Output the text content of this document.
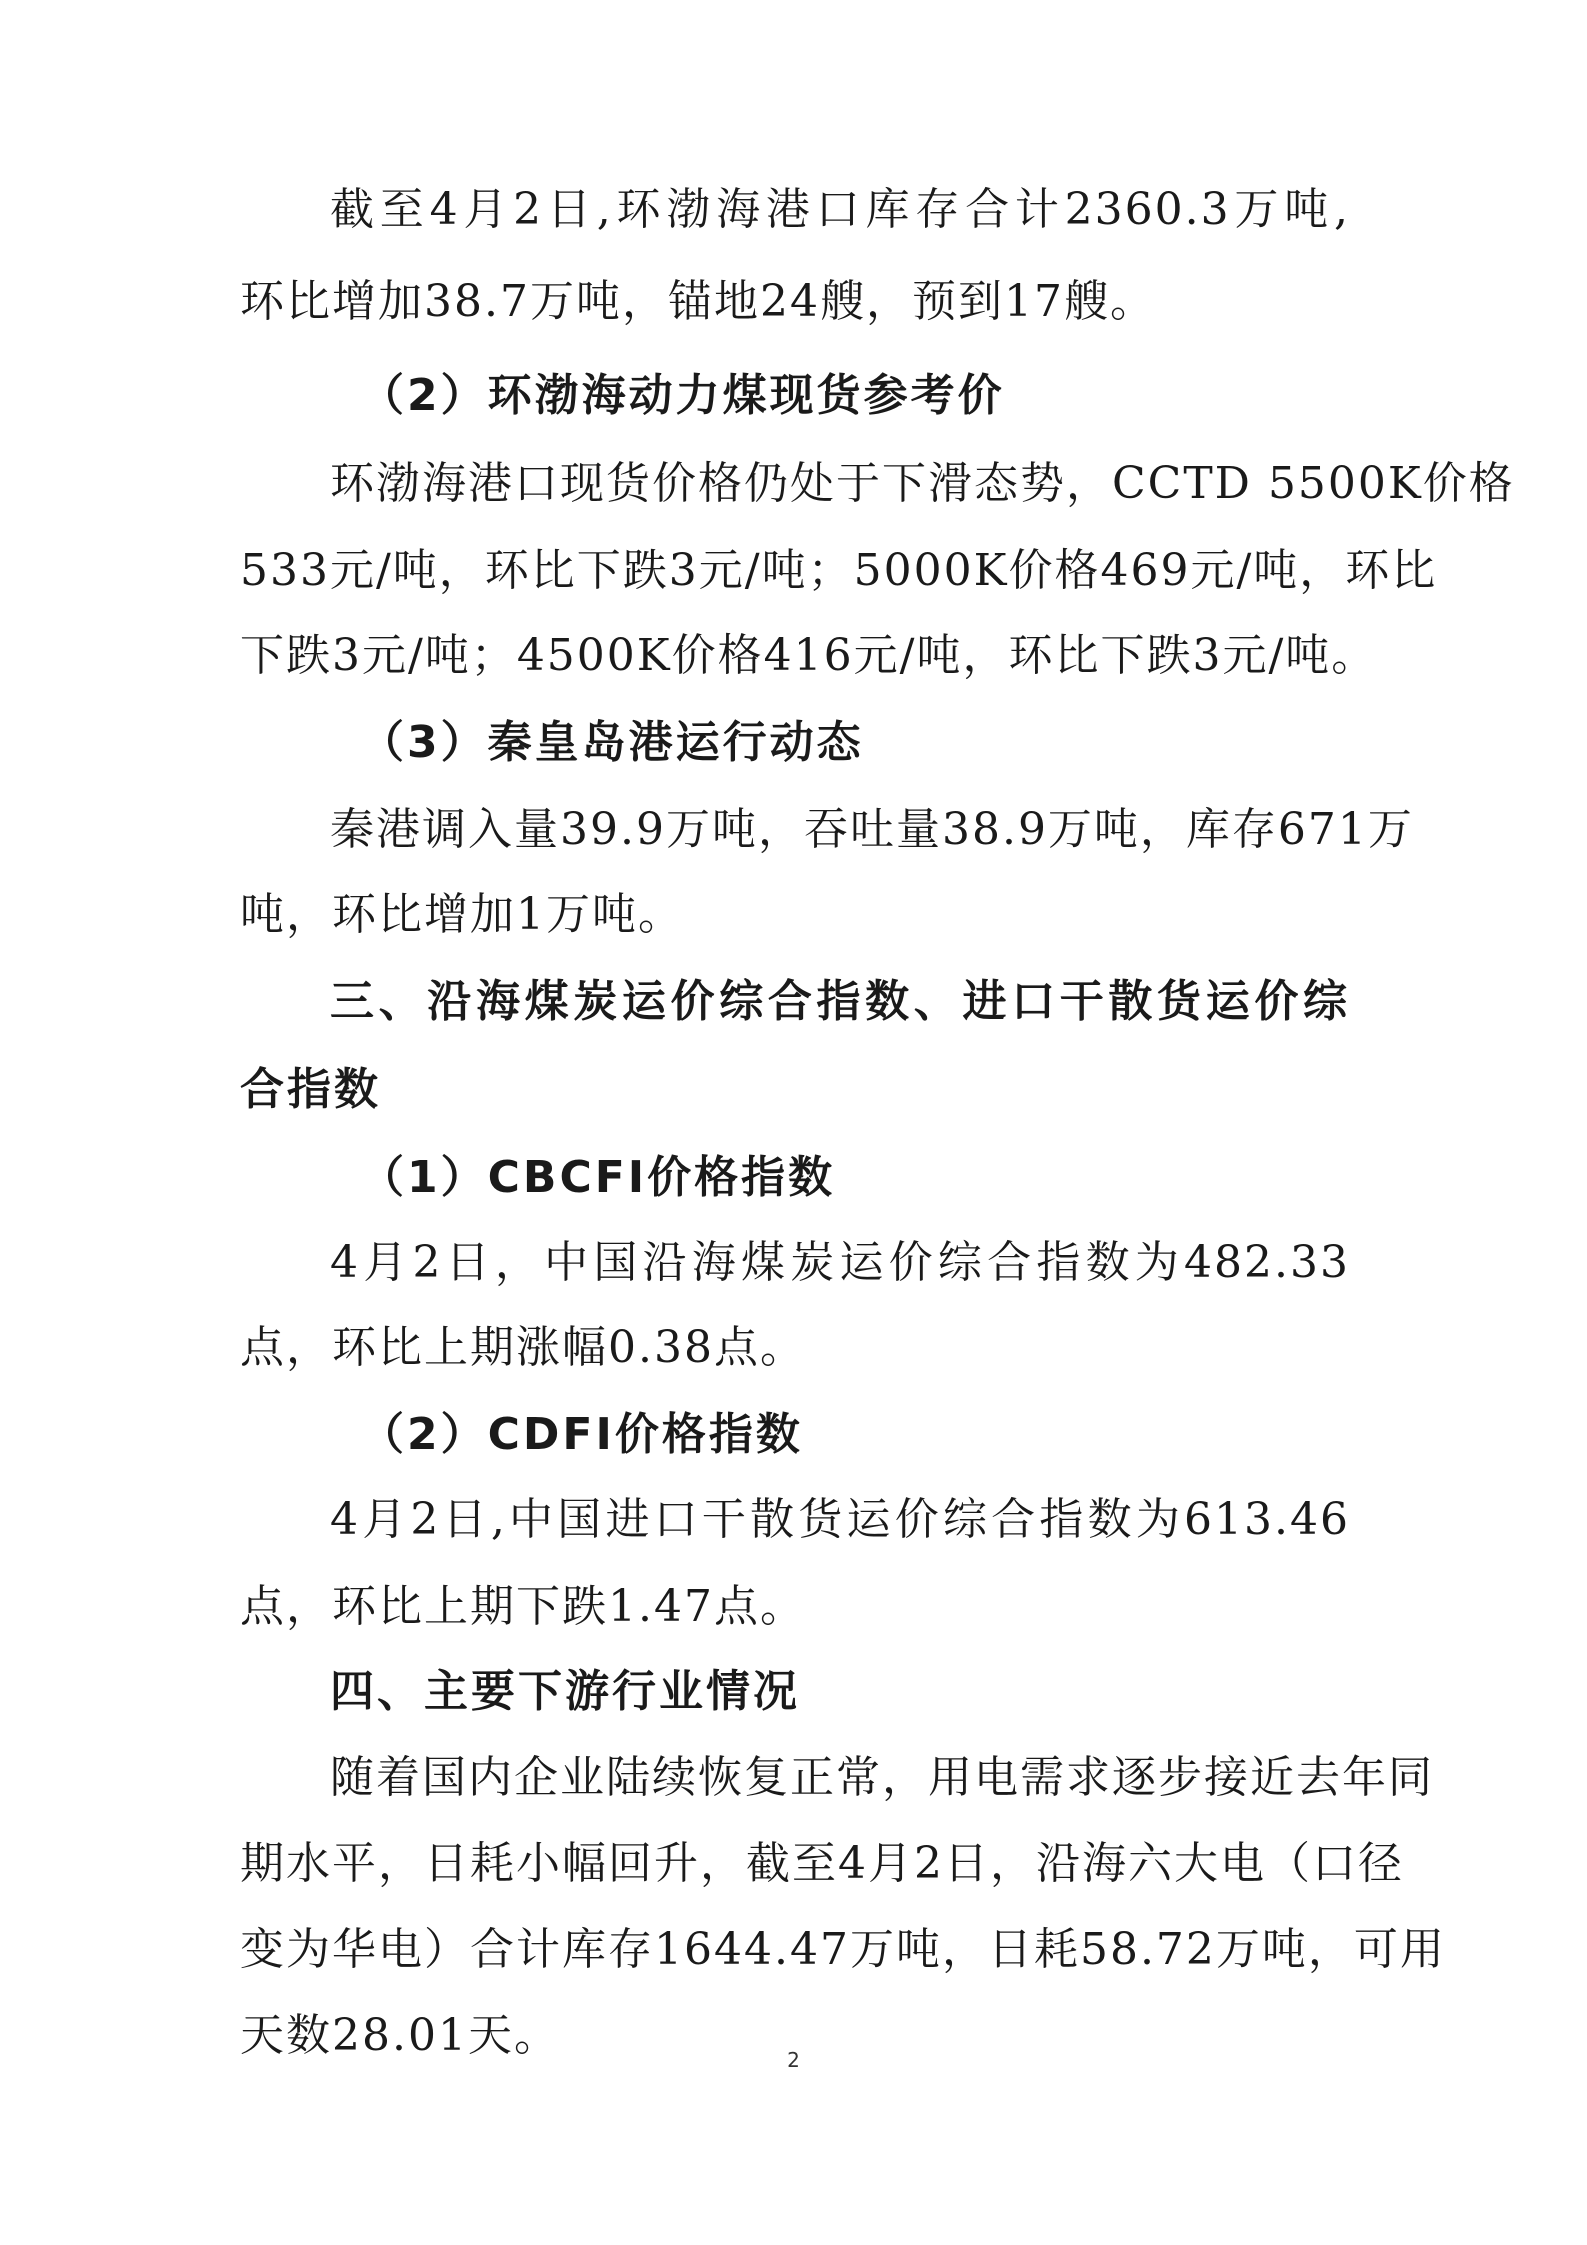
截至4月2日,环渤海港口库存合计2360.3万吨,
环比增加38.7万吨，锚地24艘，预到17艘。
（2）环渤海动力煤现货参考价
环渤海港口现货价格仍处于下滑态势，CCTD 5500K价格
533元/吨，环比下跌3元/吨；5000K价格469元/吨，环比
下跌3元/吨；4500K价格416元/吨，环比下跌3元/吨。
（3）秦皇岛港运行动态
秦港调入量39.9万吨，吞吐量38.9万吨，库存671万
吨，环比增加1万吨。
三、沿海煤炭运价综合指数、进口干散货运价综
合指数
（1）CBCFI价格指数
4月2日，中国沿海煤炭运价综合指数为482.33
点，环比上期涨幅0.38点。
（2）CDFI价格指数
4月2日,中国进口干散货运价综合指数为613.46
点，环比上期下跌1.47点。
四、主要下游行业情况
随着国内企业陆续恢复正常，用电需求逐步接近去年同
期水平，日耗小幅回升，截至4月2日，沿海六大电（口径
变为华电）合计库存1644.47万吨，日耗58.72万吨，可用
天数28.01天。	2
